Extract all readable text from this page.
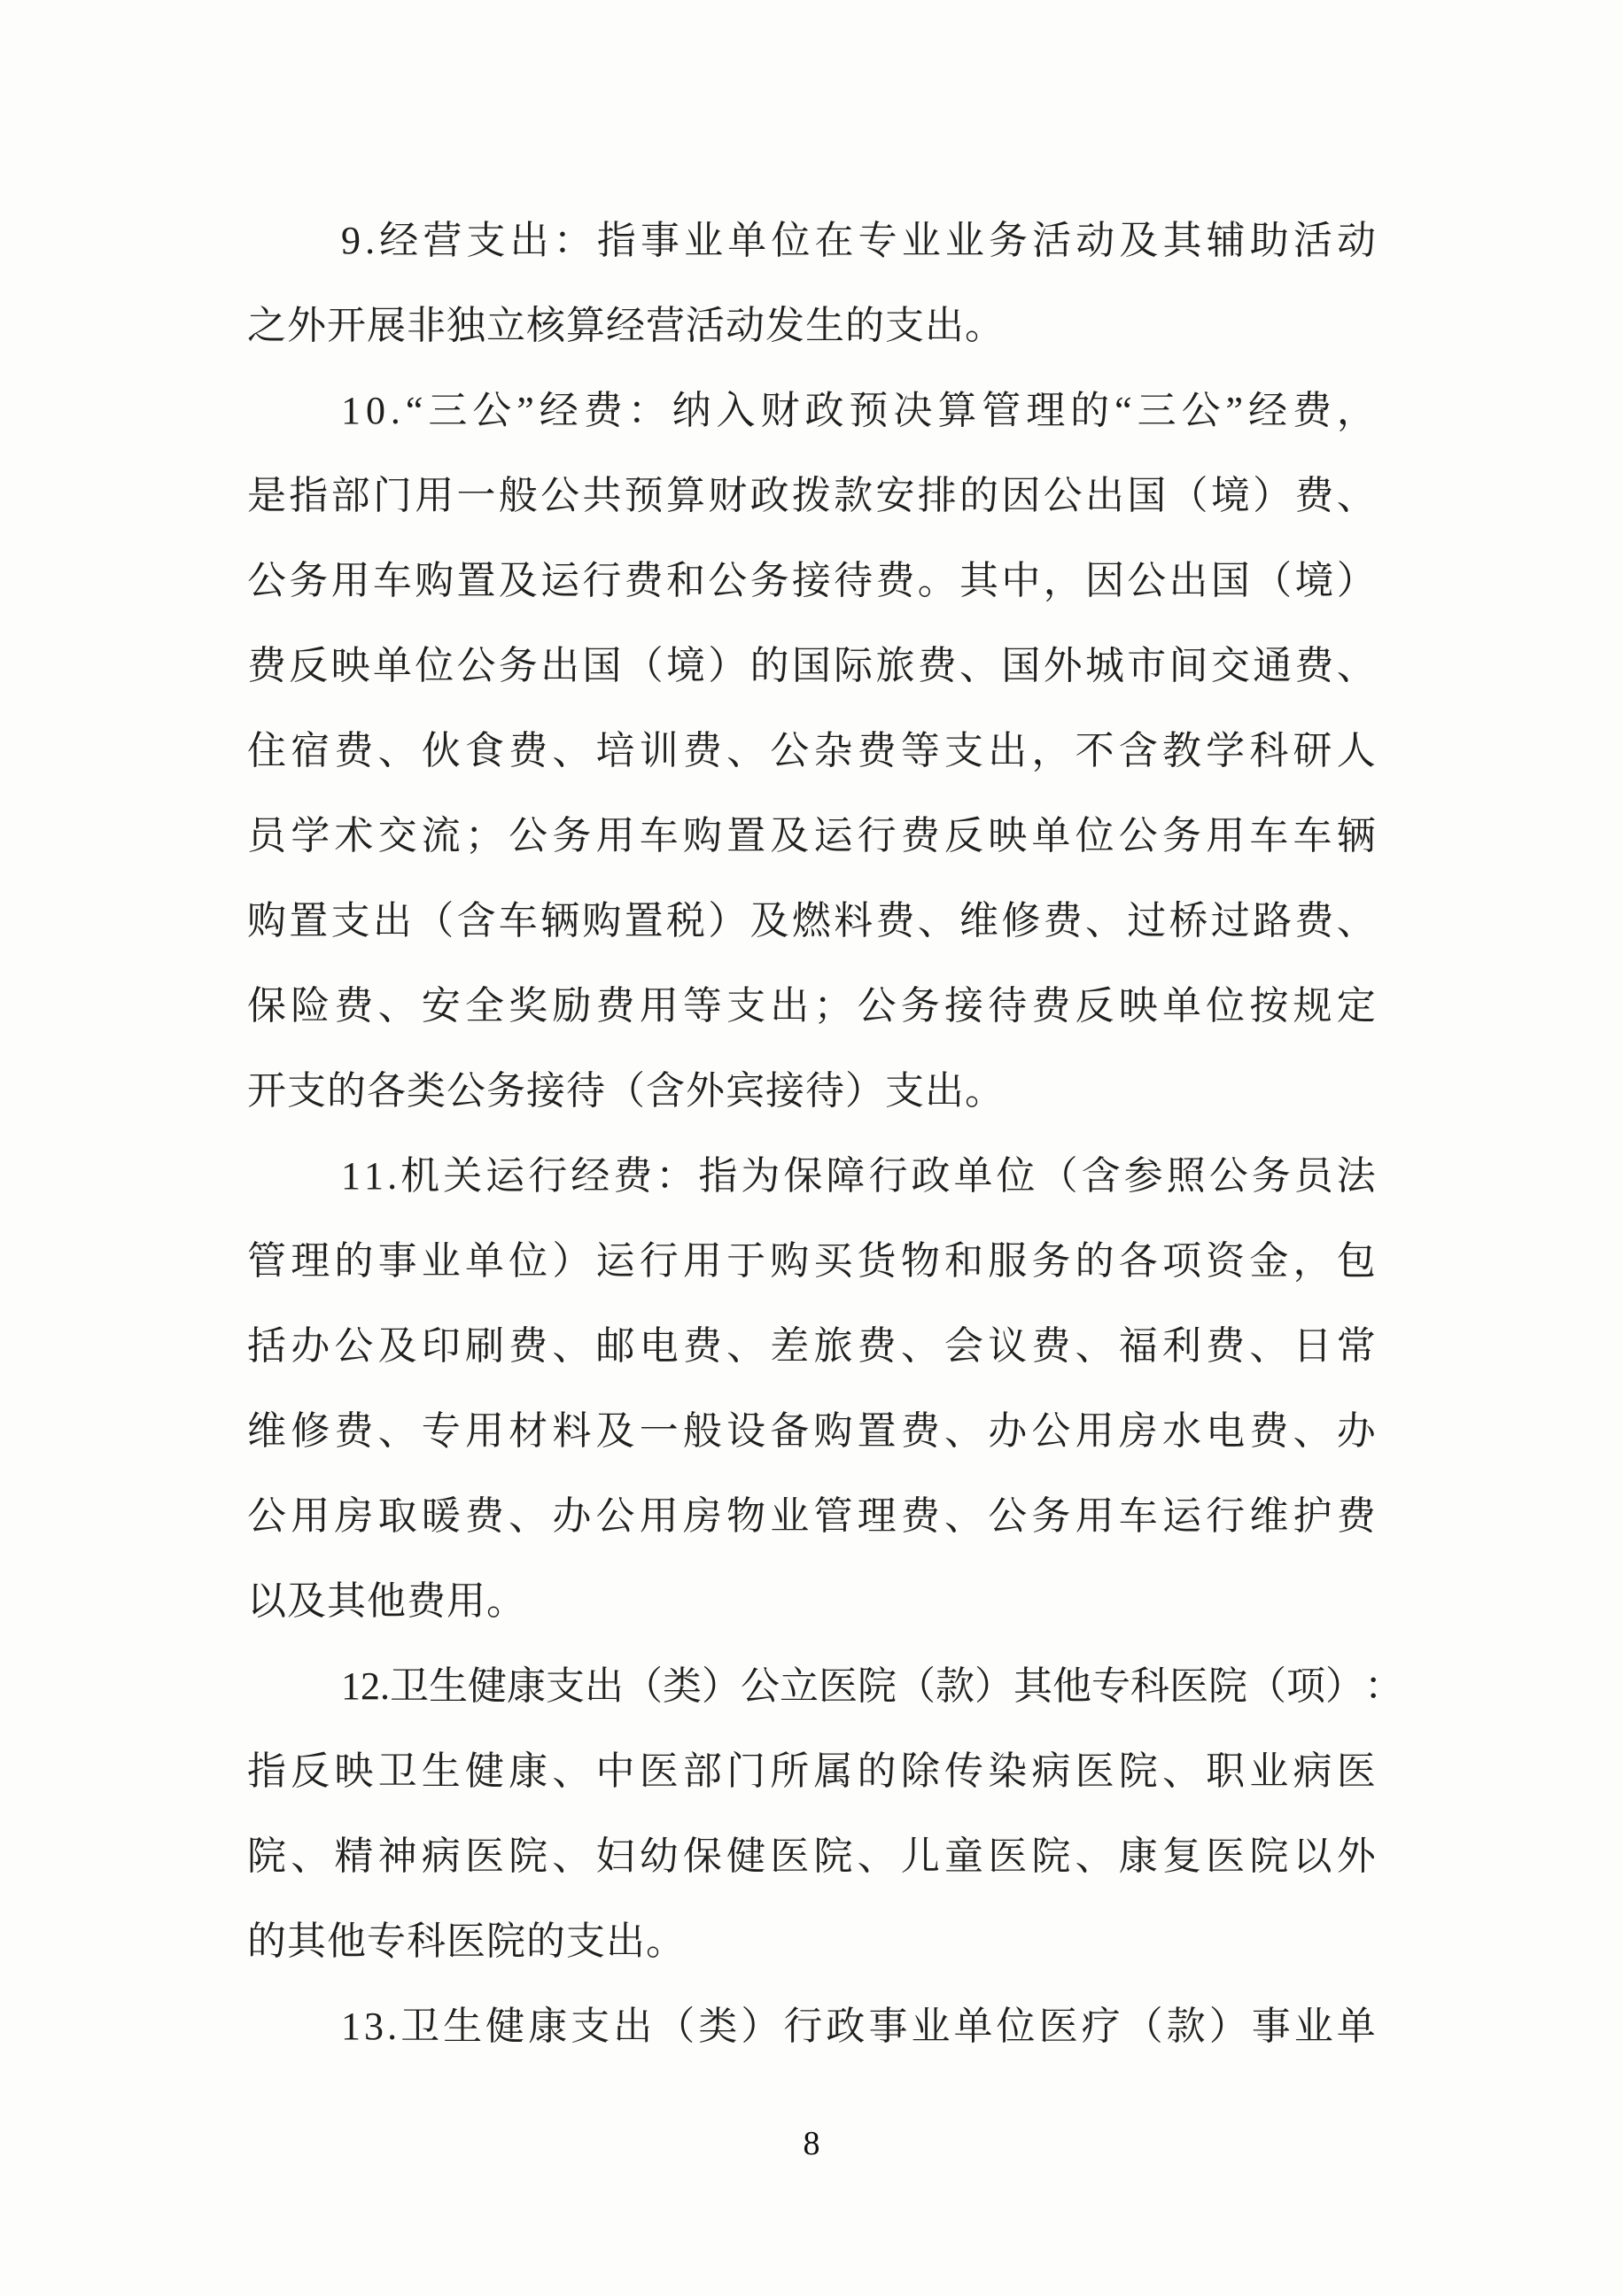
9 . 经 营 支 出 ： 指 事 业 单 位 在 专 业 业 务 活 动 及 其 辅 助 活 动
之外开展非独立核算经营活动发生的支出。
1 0 . “ 三 公 ” 经 费 ： 纳 入 财 政 预 决 算 管 理 的 “ 三 公 ” 经 费 ，
是 指 部 门 用 一 般 公 共 预 算 财 政 拨 款 安 排 的 因 公 出 国 （ 境 ） 费 、
公 务 用 车 购 置 及 运 行 费 和 公 务 接 待 费 。 其 中 ， 因 公 出 国 （ 境 ）
费 反 映 单 位 公 务 出 国 （ 境 ） 的 国 际 旅 费 、 国 外 城 市 间 交 通 费 、
住 宿 费 、 伙 食 费 、 培 训 费 、 公 杂 费 等 支 出 ， 不 含 教 学 科 研 人
员 学 术 交 流 ； 公 务 用 车 购 置 及 运 行 费 反 映 单 位 公 务 用 车 车 辆
购 置 支 出 （ 含 车 辆 购 置 税 ） 及 燃 料 费 、 维 修 费 、 过 桥 过 路 费 、
保 险 费 、 安 全 奖 励 费 用 等 支 出 ； 公 务 接 待 费 反 映 单 位 按 规 定
开支的各类公务接待（含外宾接待）支出。
1 1 . 机 关 运 行 经 费 ： 指 为 保 障 行 政 单 位 （ 含 参 照 公 务 员 法
管 理 的 事 业 单 位 ） 运 行 用 于 购 买 货 物 和 服 务 的 各 项 资 金 ， 包
括 办 公 及 印 刷 费 、 邮 电 费 、 差 旅 费 、 会 议 费 、 福 利 费 、 日 常
维 修 费 、 专 用 材 料 及 一 般 设 备 购 置 费 、 办 公 用 房 水 电 费 、 办
公 用 房 取 暖 费 、 办 公 用 房 物 业 管 理 费 、 公 务 用 车 运 行 维 护 费
以及其他费用。
1 2 . 卫 生 健 康 支 出 （ 类 ） 公 立 医 院 （ 款 ） 其 他 专 科 医 院 （ 项 ） ：
指 反 映 卫 生 健 康 、 中 医 部 门 所 属 的 除 传 染 病 医 院 、 职 业 病 医
院 、 精 神 病 医 院 、 妇 幼 保 健 医 院 、 儿 童 医 院 、 康 复 医 院 以 外
的其他专科医院的支出。
1 3 . 卫 生 健 康 支 出 （ 类 ） 行 政 事 业 单 位 医 疗 （ 款 ） 事 业 单
8
